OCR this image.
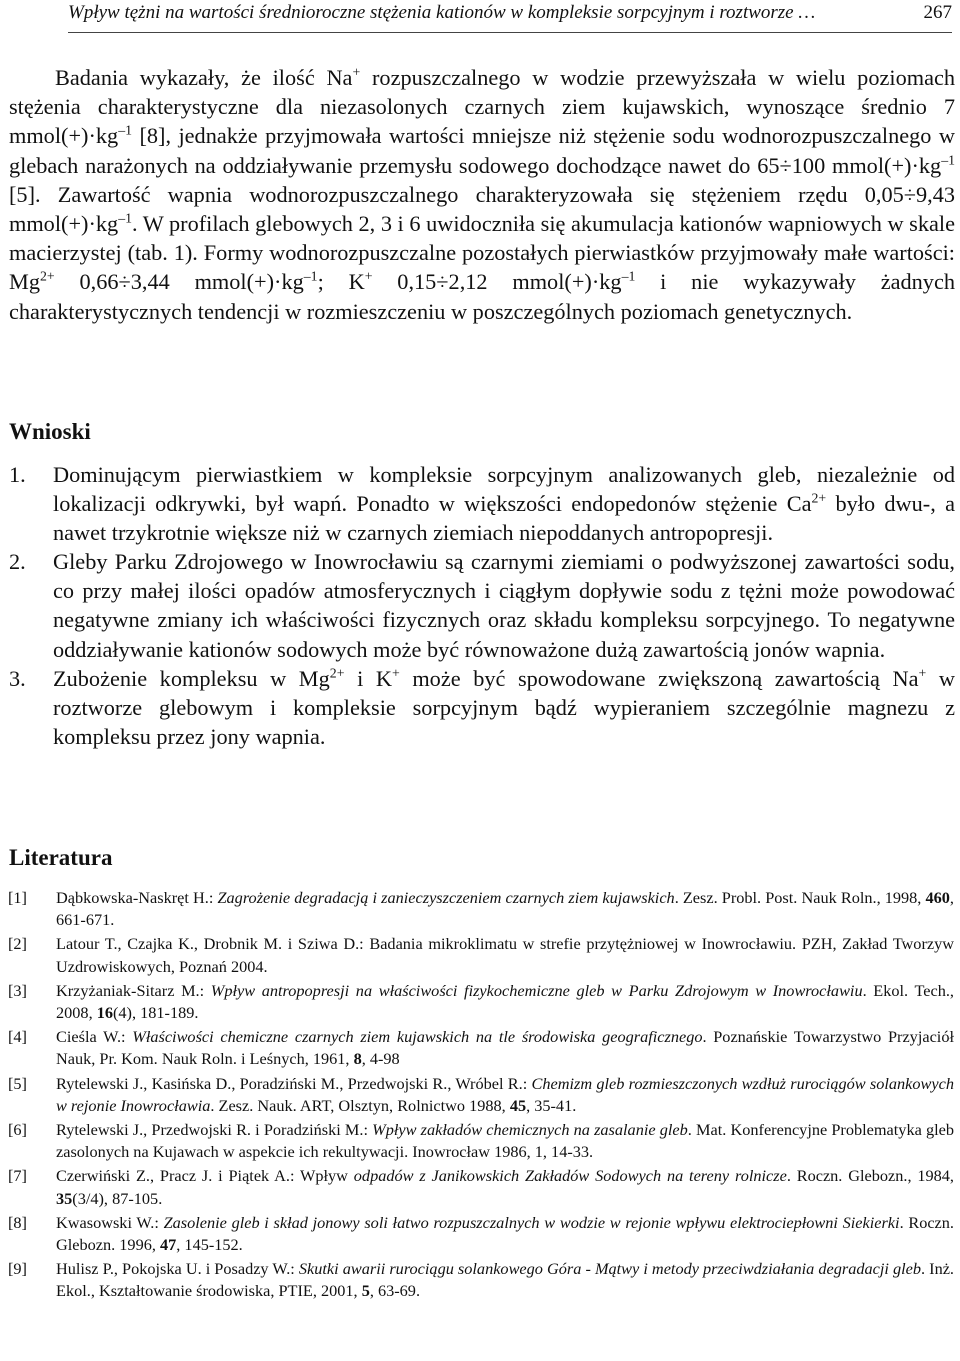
Wpływ tężni na wartości średnioroczne stężenia kationów w kompleksie sorpcyjnym i roztworze …	267

Badania wykazały, że ilość Na+ rozpuszczalnego w wodzie przewyższała w wielu poziomach stężenia charakterystyczne dla niezasolonych czarnych ziem kujawskich, wynoszące średnio 7 $mmol(+)\cdot kg^{-1}$ [8], jednakże przyjmowała wartości mniejsze niż stężenie sodu wodnorozpuszczalnego w glebach narażonych na oddziaływanie przemysłu sodowego dochodzące nawet do 65÷100 $mmol(+)\cdot kg^{-1}$ [5]. Zawartość wapnia wodnorozpuszczalnego charakteryzowała się stężeniem rzędu 0,05÷9,43 $mmol(+)\cdot kg^{-1}$. W profilach glebowych 2, 3 i 6 uwidoczniła się akumulacja kationów wapniowych w skale macierzystej (tab. 1). Formy wodnorozpuszczalne pozostałych pierwiastków przyjmowały małe wartości: $Mg^{2+}$ 0,66÷3,44 $mmol(+)\cdot kg^{-1}$; K+ 0,15÷2,12 $mmol(+)\cdot kg^{-1}$ i nie wykazywały żadnych charakterystycznych tendencji w rozmieszczeniu w poszczególnych poziomach genetycznych.

Wnioski
1.	Dominującym pierwiastkiem w kompleksie sorpcyjnym analizowanych gleb, niezależnie od lokalizacji odkrywki, był wapń. Ponadto w większości endopedonów stężenie $Ca^{2+}$ było dwu-, a nawet trzykrotnie większe niż w czarnych ziemiach niepoddanych antropopresji.
2.	Gleby Parku Zdrojowego w Inowrocławiu są czarnymi ziemiami o podwyższonej zawartości sodu, co przy małej ilości opadów atmosferycznych i ciągłym dopływie sodu z tężni może powodować negatywne zmiany ich właściwości fizycznych oraz składu kompleksu sorpcyjnego. To negatywne oddziaływanie kationów sodowych może być równoważone dużą zawartością jonów wapnia.
3.	Zubożenie kompleksu w $Mg^{2+}$ i K+ może być spowodowane zwiększoną zawartością Na+ w roztworze glebowym i kompleksie sorpcyjnym bądź wypieraniem szczególnie magnezu z kompleksu przez jony wapnia.
Literatura
[1]	Dąbkowska-Naskręt H.: Zagrożenie degradacją i zanieczyszczeniem czarnych ziem kujawskich. Zesz. Probl. Post. Nauk Roln., 1998, 460, 661-671.
[2]	Latour T., Czajka K., Drobnik M. i Sziwa D.: Badania mikroklimatu w strefie przytężniowej w Inowrocławiu. PZH, Zakład Tworzyw Uzdrowiskowych, Poznań 2004.
[3]	Krzyżaniak-Sitarz M.: Wpływ antropopresji na właściwości fizykochemiczne gleb w Parku Zdrojowym w Inowrocławiu. Ekol. Tech., 2008, 16(4), 181-189.
[4]	Cieśla W.: Właściwości chemiczne czarnych ziem kujawskich na tle środowiska geograficznego. Poznańskie Towarzystwo Przyjaciół Nauk, Pr. Kom. Nauk Roln. i Leśnych, 1961, 8, 4-98
[5]	Rytelewski J., Kasińska D., Poradziński M., Przedwojski R., Wróbel R.: Chemizm gleb rozmieszczonych wzdłuż rurociągów solankowych w rejonie Inowrocławia. Zesz. Nauk. ART, Olsztyn, Rolnictwo 1988, 45, 35-41.
[6]	Rytelewski J., Przedwojski R. i Poradziński M.: Wpływ zakładów chemicznych na zasalanie gleb. Mat. Konferencyjne Problematyka gleb zasolonych na Kujawach w aspekcie ich rekultywacji. Inowrocław 1986, 1, 14-33.
[7]	Czerwiński Z., Pracz J. i Piątek A.: Wpływ odpadów z Janikowskich Zakładów Sodowych na tereny rolnicze. Roczn. Glebozn., 1984, 35(3/4), 87-105.
[8]	Kwasowski W.: Zasolenie gleb i skład jonowy soli łatwo rozpuszczalnych w wodzie w rejonie wpływu elektrociepłowni Siekierki. Roczn. Glebozn. 1996, 47, 145-152.
[9]	Hulisz P., Pokojska U. i Posadzy W.: Skutki awarii rurociągu solankowego Góra - Mątwy i metody przeciwdziałania degradacji gleb. Inż. Ekol., Kształtowanie środowiska, PTIE, 2001, 5, 63-69.
